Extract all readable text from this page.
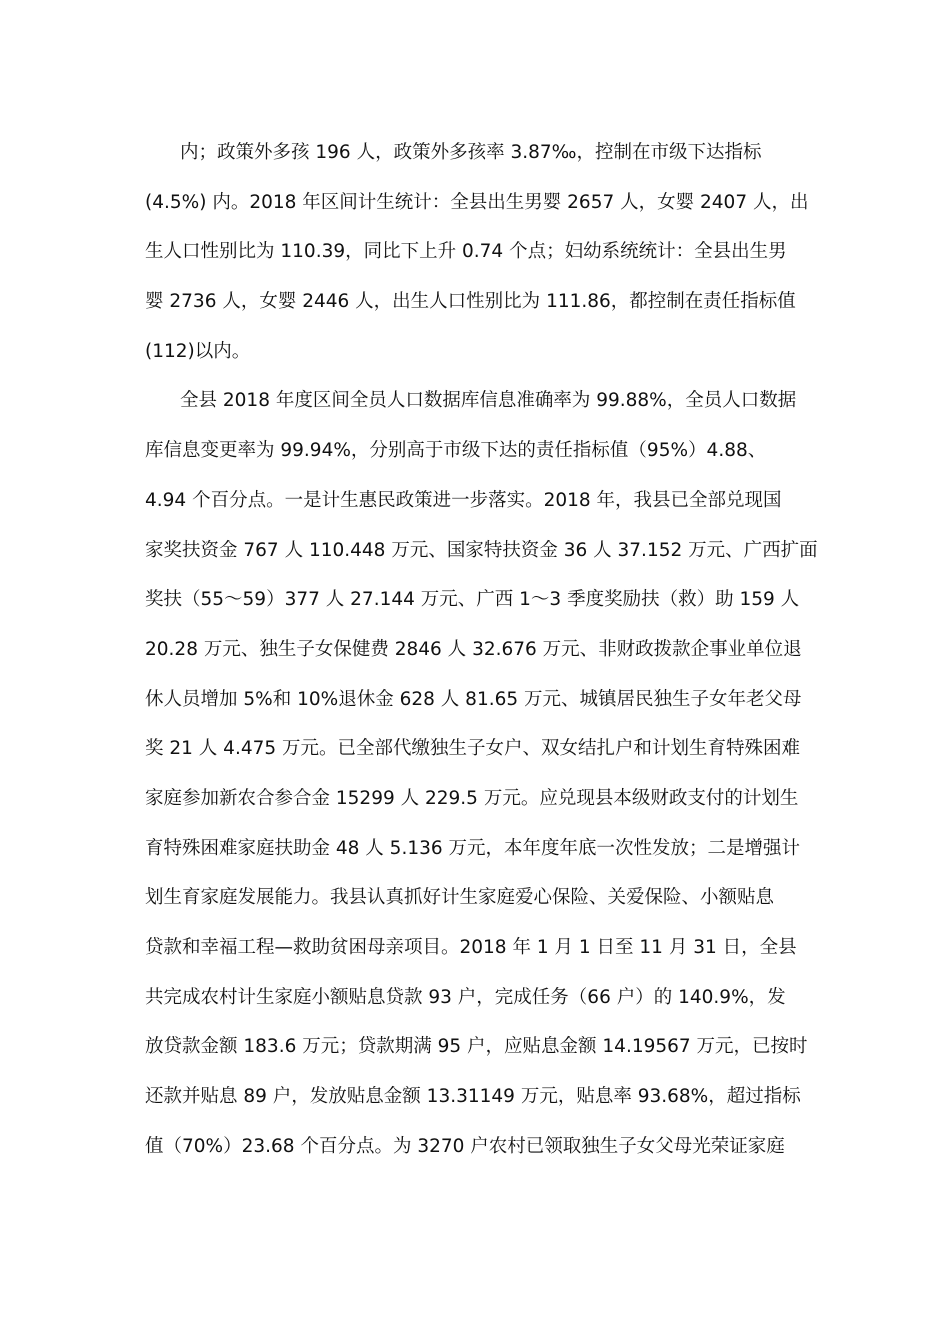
内；政策外多孩 196 人，政策外多孩率 3.87‰，控制在市级下达指标
(4.5%) 内。2018 年区间计生统计：全县出生男婴 2657 人，女婴 2407 人，出
生人口性别比为 110.39，同比下上升 0.74 个点；妇幼系统统计：全县出生男
婴 2736 人，女婴 2446 人，出生人口性别比为 111.86，都控制在责任指标值
(112)以内。

全县 2018 年度区间全员人口数据库信息准确率为 99.88%，全员人口数据
库信息变更率为 99.94%，分别高于市级下达的责任指标值（95%）4.88、
4.94 个百分点。一是计生惠民政策进一步落实。2018 年，我县已全部兑现国
家奖扶资金 767 人 110.448 万元、国家特扶资金 36 人 37.152 万元、广西扩面
奖扶（55～59）377 人 27.144 万元、广西 1～3 季度奖励扶（救）助 159 人
20.28 万元、独生子女保健费 2846 人 32.676 万元、非财政拨款企事业单位退
休人员增加 5%和 10%退休金 628 人 81.65 万元、城镇居民独生子女年老父母
奖 21 人 4.475 万元。已全部代缴独生子女户、双女结扎户和计划生育特殊困难
家庭参加新农合参合金 15299 人 229.5 万元。应兑现县本级财政支付的计划生
育特殊困难家庭扶助金 48 人 5.136 万元，本年度年底一次性发放；二是增强计
划生育家庭发展能力。我县认真抓好计生家庭爱心保险、关爱保险、小额贴息
贷款和幸福工程—救助贫困母亲项目。2018 年 1 月 1 日至 11 月 31 日，全县
共完成农村计生家庭小额贴息贷款 93 户，完成任务（66 户）的 140.9%，发
放贷款金额 183.6 万元；贷款期满 95 户，应贴息金额 14.19567 万元，已按时
还款并贴息 89 户，发放贴息金额 13.31149 万元，贴息率 93.68%，超过指标
值（70%）23.68 个百分点。为 3270 户农村已领取独生子女父母光荣证家庭
